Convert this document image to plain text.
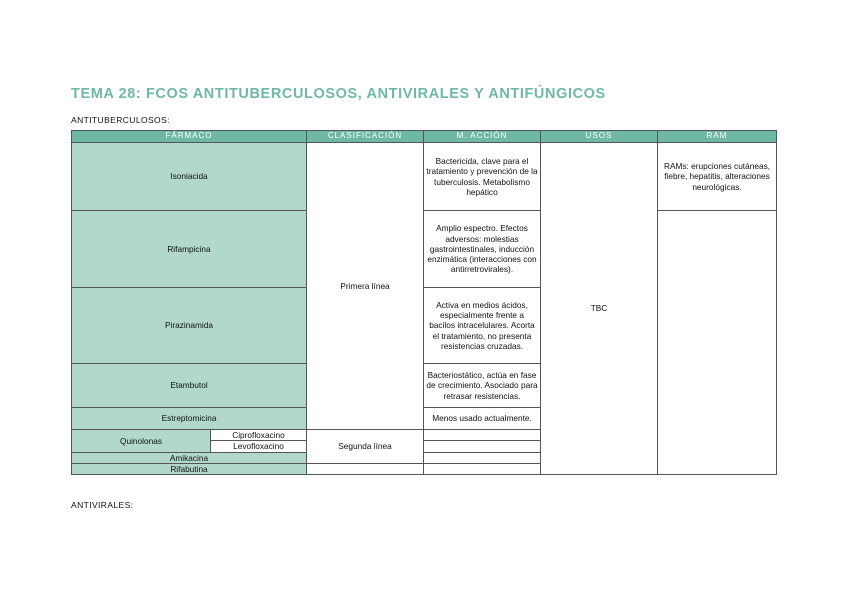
TEMA 28: FCOS ANTITUBERCULOSOS, ANTIVIRALES Y ANTIFÚNGICOS
ANTITUBERCULOSOS:
FÁRMACO		CLASIFICACIÓN	M. ACCIÓN	USOS	RAM
Isoniacida		Primera línea	Bactericida, clave para el tratamiento y prevención de la tuberculosis. Metabolismo hepático	TBC	RAMs: erupciones cutáneas, fiebre, hepatitis, alteraciones neurológicas.
Rifampicina			Amplio espectro. Efectos adversos: molestias gastrointestinales, inducción enzimática (interacciones con antirretrovirales).		
Pirazinamida			Activa en medios ácidos, especialmente frente a bacilos intracelulares. Acorta el tratamiento, no presenta resistencias cruzadas.		
Etambutol			Bacteriostático, actúa en fase de crecimiento. Asociado para retrasar resistencias.		
Estreptomicina			Menos usado actualmente.		
Quinolonas	Ciprofloxacino	Segunda línea			
	Levofloxacino				
Amikacina					
Rifabutina					
ANTIVIRALES:
